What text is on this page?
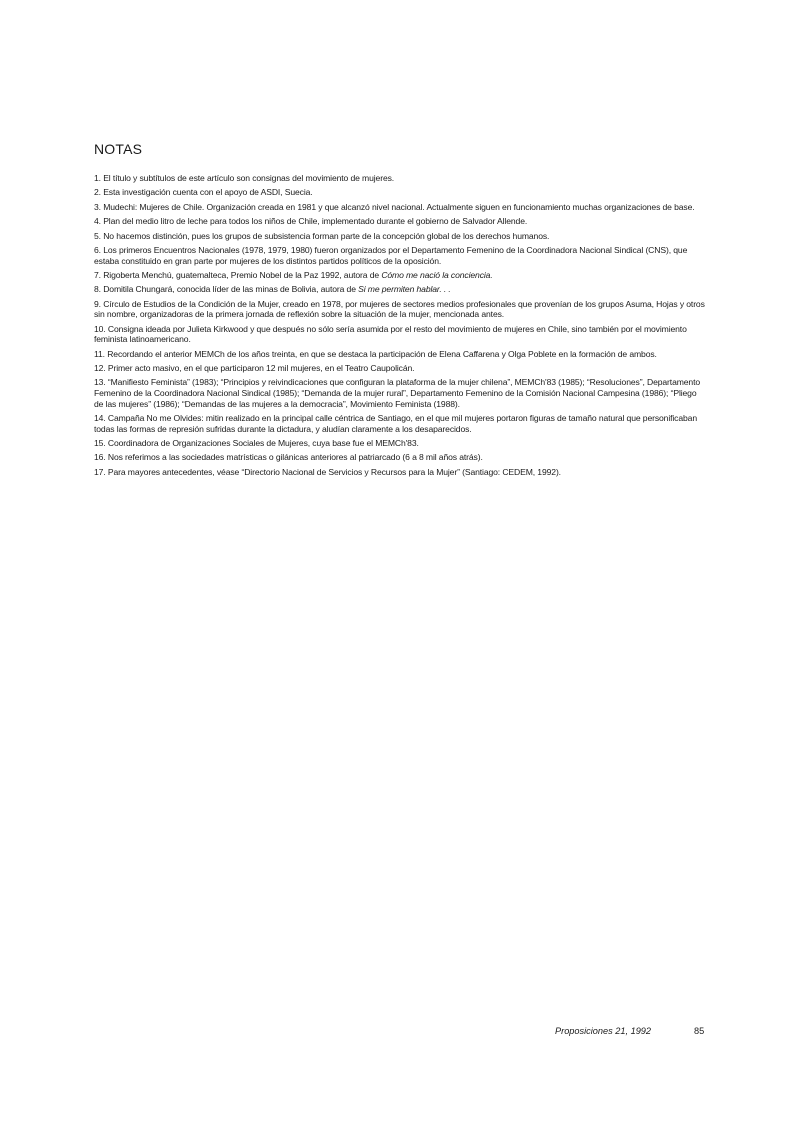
NOTAS
1. El título y subtítulos de este artículo son consignas del movimiento de mujeres.
2. Esta investigación cuenta con el apoyo de ASDI, Suecia.
3. Mudechi: Mujeres de Chile. Organización creada en 1981 y que alcanzó nivel nacional. Actualmente siguen en funcionamiento muchas organizaciones de base.
4. Plan del medio litro de leche para todos los niños de Chile, implementado durante el gobierno de Salvador Allende.
5. No hacemos distinción, pues los grupos de subsistencia forman parte de la concepción global de los derechos humanos.
6. Los primeros Encuentros Nacionales (1978, 1979, 1980) fueron organizados por el Departamento Femenino de la Coordinadora Nacional Sindical (CNS), que estaba constituido en gran parte por mujeres de los distintos partidos políticos de la oposición.
7. Rigoberta Menchú, guatemalteca, Premio Nobel de la Paz 1992, autora de Cómo me nació la conciencia.
8. Domitila Chungará, conocida líder de las minas de Bolivia, autora de Si me permiten hablar. . .
9. Círculo de Estudios de la Condición de la Mujer, creado en 1978, por mujeres de sectores medios profesionales que provenían de los grupos Asuma, Hojas y otros sin nombre, organizadoras de la primera jornada de reflexión sobre la situación de la mujer, mencionada antes.
10. Consigna ideada por Julieta Kirkwood y que después no sólo sería asumida por el resto del movimiento de mujeres en Chile, sino también por el movimiento feminista latinoamericano.
11. Recordando el anterior MEMCh de los años treinta, en que se destaca la participación de Elena Caffarena y Olga Poblete en la formación de ambos.
12. Primer acto masivo, en el que participaron 12 mil mujeres, en el Teatro Caupolicán.
13. “Manifiesto Feminista” (1983); “Principios y reivindicaciones que configuran la plataforma de la mujer chilena”, MEMCh'83 (1985); “Resoluciones”, Departamento Femenino de la Coordinadora Nacional Sindical (1985); “Demanda de la mujer rural”, Departamento Femenino de la Comisión Nacional Campesina (1986); “Pliego de las mujeres” (1986); “Demandas de las mujeres a la democracia”, Movimiento Feminista (1988).
14. Campaña No me Olvides: mitin realizado en la principal calle céntrica de Santiago, en el que mil mujeres portaron figuras de tamaño natural que personificaban todas las formas de represión sufridas durante la dictadura, y aludían claramente a los desaparecidos.
15. Coordinadora de Organizaciones Sociales de Mujeres, cuya base fue el MEMCh'83.
16. Nos referimos a las sociedades matrísticas o gilánicas anteriores al patriarcado (6 a 8 mil años atrás).
17. Para mayores antecedentes, véase “Directorio Nacional de Servicios y Recursos para la Mujer” (Santiago: CEDEM, 1992).
Proposiciones 21, 1992	85
